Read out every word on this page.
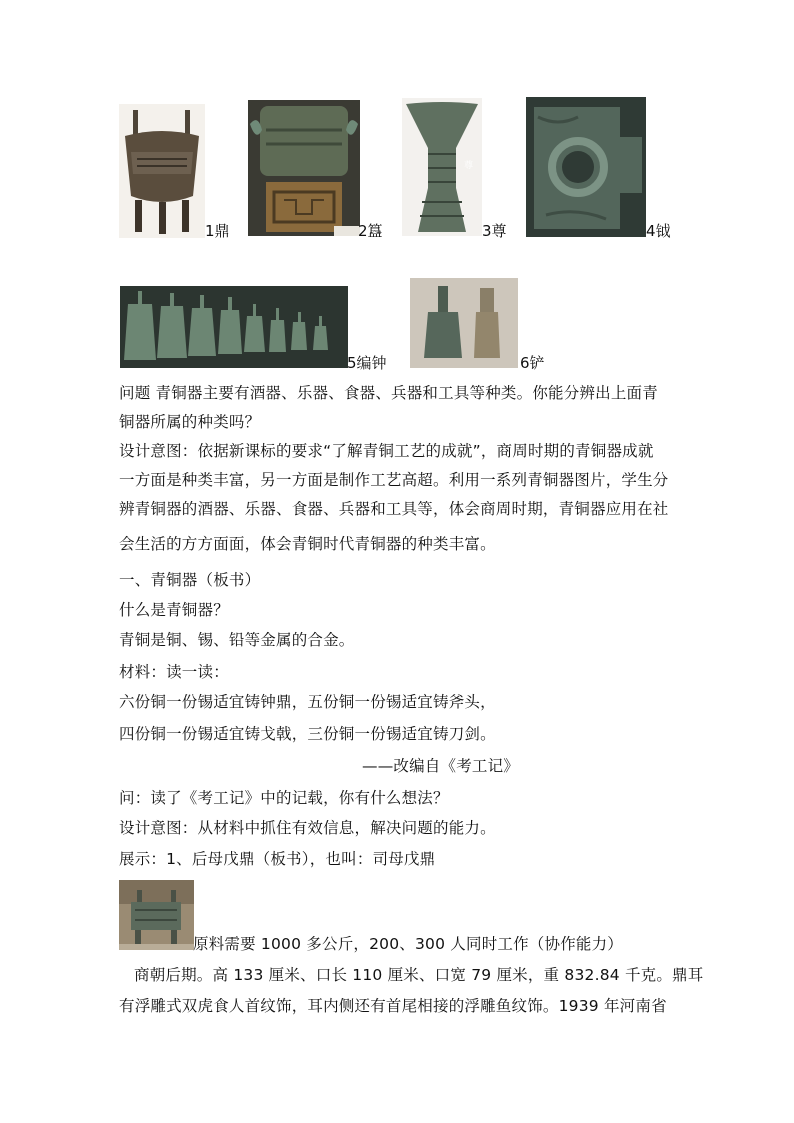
1鼎	2簋
尊
3尊	4钺
5编钟	6铲
问题 青铜器主要有酒器、乐器、食器、兵器和工具等种类。你能分辨出上面青
铜器所属的种类吗？
设计意图：依据新课标的要求“了解青铜工艺的成就”，商周时期的青铜器成就
一方面是种类丰富，另一方面是制作工艺高超。利用一系列青铜器图片，学生分
辨青铜器的酒器、乐器、食器、兵器和工具等，体会商周时期，青铜器应用在社
会生活的方方面面，体会青铜时代青铜器的种类丰富。
一、青铜器（板书）
什么是青铜器？
青铜是铜、锡、铅等金属的合金。
材料：读一读：
六份铜一份锡适宜铸钟鼎，五份铜一份锡适宜铸斧头，
四份铜一份锡适宜铸戈戟，三份铜一份锡适宜铸刀剑。
——改编自《考工记》
问：读了《考工记》中的记载，你有什么想法？
设计意图：从材料中抓住有效信息，解决问题的能力。
展示：1、后母戊鼎（板书），也叫：司母戊鼎
原料需要 1000 多公斤，200、300 人同时工作（协作能力）
商朝后期。高 133 厘米、口长 110 厘米、口宽 79 厘米，重 832.84 千克。鼎耳
有浮雕式双虎食人首纹饰，耳内侧还有首尾相接的浮雕鱼纹饰。1939 年河南省
